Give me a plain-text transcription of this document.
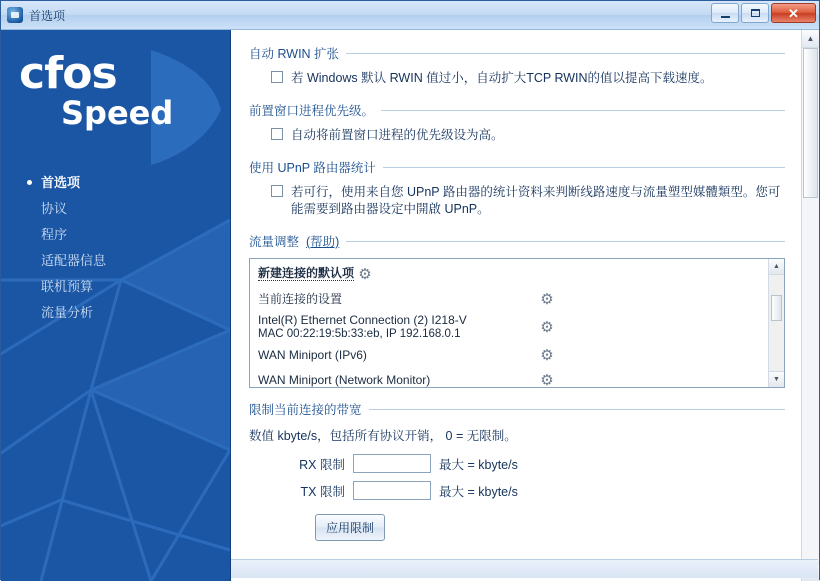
首选项	✕
cfos
Speed
首选项
协议
程序
适配器信息
联机预算
流量分析
自动 RWIN 扩张
若 Windows 默认 RWIN 值过小，自动扩大TCP RWIN的值以提高下载速度。
前置窗口进程优先级。
自动将前置窗口进程的优先级设为高。
使用 UPnP 路由器统计
若可行，使用来自您 UPnP 路由器的统计资料来判断线路速度与流量塑型媒體類型。您可能需要到路由器设定中開啟 UPnP。
流量调整 (帮助)
新建连接的默认项 ⚙
当前连接的设置	⚙
Intel(R) Ethernet Connection (2) I218-V
MAC 00:22:19:5b:33:eb, IP 192.168.0.1	⚙
WAN Miniport (IPv6)	⚙
WAN Miniport (Network Monitor)	⚙
▲
▼
限制当前连接的带宽
数值 kbyte/s，包括所有协议开销， 0 = 无限制。
RX 限制	最大 = kbyte/s
TX 限制	最大 = kbyte/s
应用限制
▲
